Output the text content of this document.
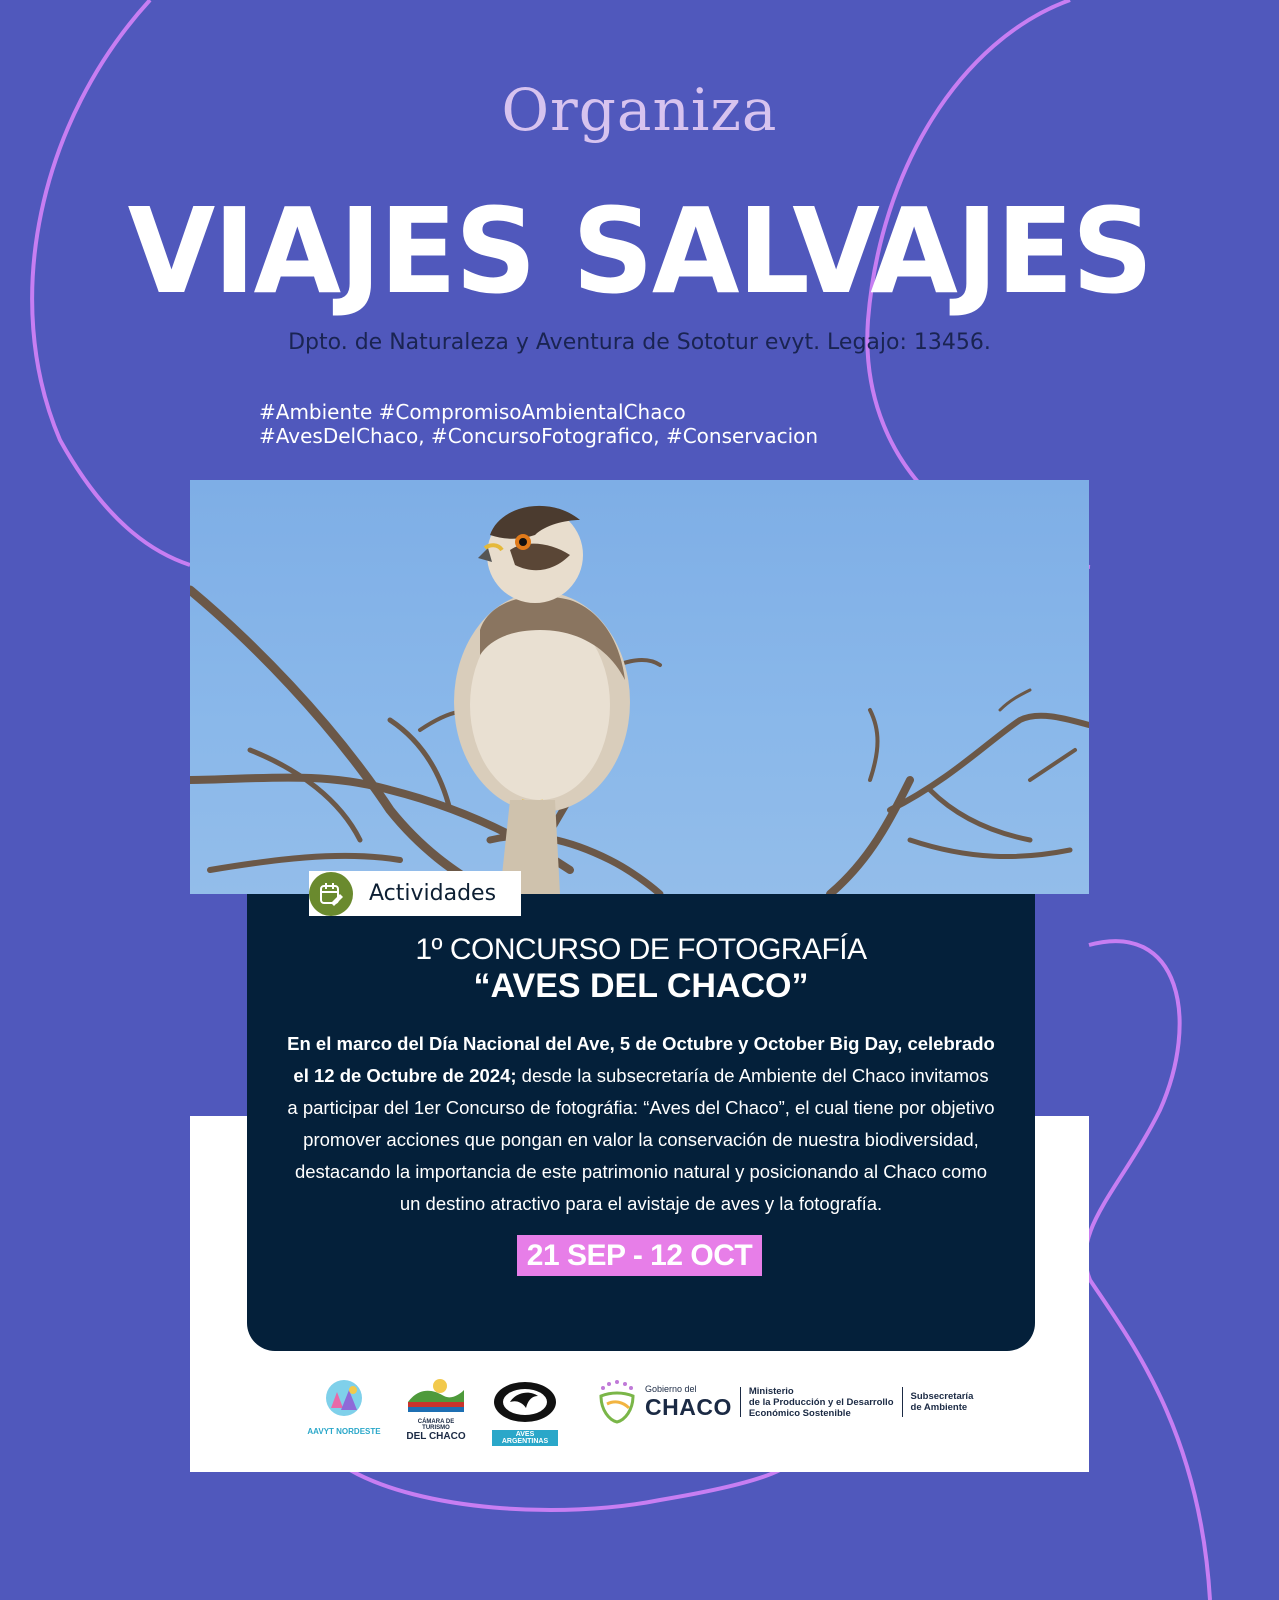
Organiza
VIAJES SALVAJES
Dpto. de Naturaleza y Aventura de Sototur evyt. Legajo: 13456.
#Ambiente #CompromisoAmbientalChaco
#AvesDelChaco, #ConcursoFotografico, #Conservacion
Actividades
1º CONCURSO DE FOTOGRAFÍA
“AVES DEL CHACO”
En el marco del Día Nacional del Ave, 5 de Octubre y October Big Day, celebrado el 12 de Octubre de 2024; desde la subsecretaría de Ambiente del Chaco invitamos a participar del 1er Concurso de fotográfia: “Aves del Chaco”, el cual tiene por objetivo promover acciones que pongan en valor la conservación de nuestra biodiversidad, destacando la importancia de este patrimonio natural y posicionando al Chaco como un destino atractivo para el avistaje de aves y la fotografía.
21 SEP - 12 OCT
AAVYT NORDESTE
CÁMARA DE TURISMO
DEL CHACO	AVES ARGENTINAS
Gobierno del
CHACO
Ministerio
de la Producción y el Desarrollo
Económico Sostenible
Subsecretaría
de Ambiente
